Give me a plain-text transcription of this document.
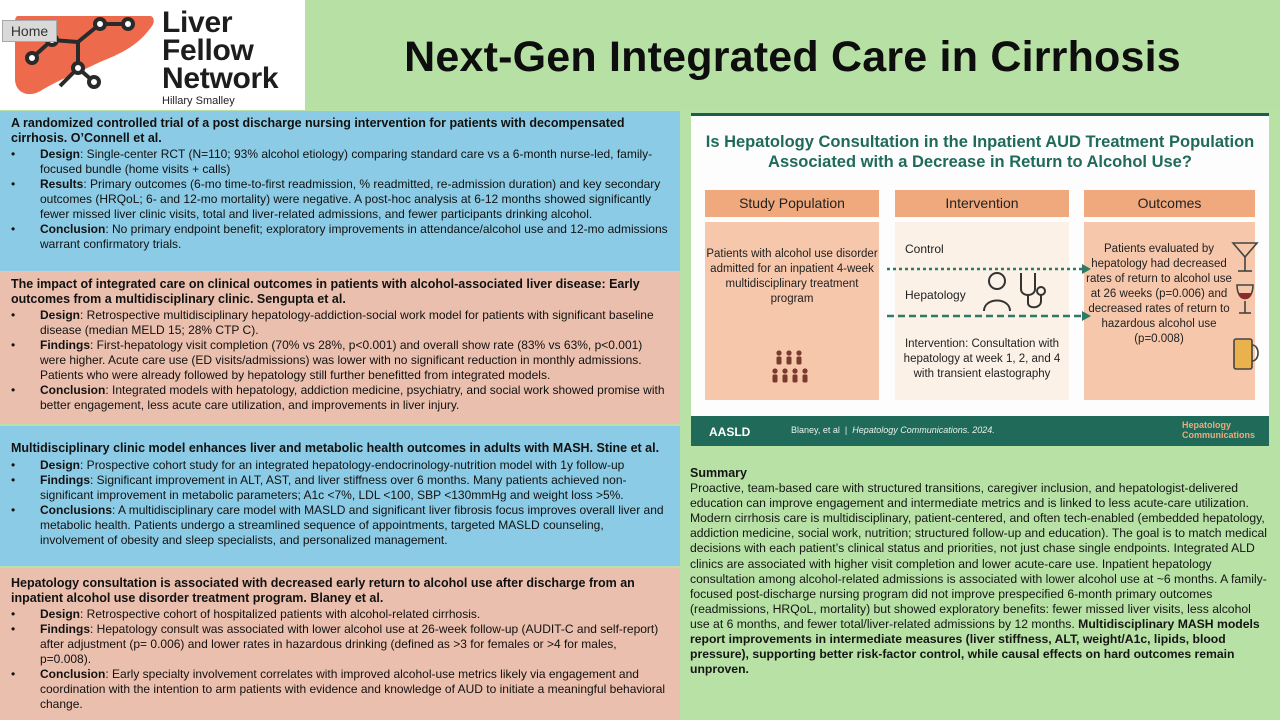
Liver
Fellow
Network
Hillary Smalley
Home
Next-Gen Integrated Care in Cirrhosis
A randomized controlled trial of a post discharge nursing intervention for patients with decompensated cirrhosis. O’Connell et al.
• Design: Single-center RCT (N=110; 93% alcohol etiology) comparing standard care vs a 6-month nurse-led, family-focused bundle (home visits + calls)
• Results: Primary outcomes (6-mo time-to-first readmission, % readmitted, re-admission duration) and key secondary outcomes (HRQoL; 6- and 12-mo mortality) were negative. A post-hoc analysis at 6-12 months showed significantly fewer missed liver clinic visits, total and liver-related admissions, and fewer participants drinking alcohol.
• Conclusion: No primary endpoint benefit; exploratory improvements in attendance/alcohol use and 12-mo admissions warrant confirmatory trials.
The impact of integrated care on clinical outcomes in patients with alcohol-associated liver disease: Early outcomes from a multidisciplinary clinic. Sengupta et al.
• Design: Retrospective multidisciplinary hepatology-addiction-social work model for patients with significant baseline disease (median MELD 15; 28% CTP C).
• Findings: First-hepatology visit completion (70% vs 28%, p<0.001) and overall show rate (83% vs 63%, p<0.001) were higher. Acute care use (ED visits/admissions) was lower with no significant reduction in monthly admissions. Patients who were already followed by hepatology still further benefitted from integrated models.
• Conclusion: Integrated models with hepatology, addiction medicine, psychiatry, and social work showed promise with better engagement, less acute care utilization, and improvements in liver injury.
Multidisciplinary clinic model enhances liver and metabolic health outcomes in adults with MASH. Stine et al.
• Design: Prospective cohort study for an integrated hepatology-endocrinology-nutrition model with 1y follow-up
• Findings: Significant improvement in ALT, AST, and liver stiffness over 6 months. Many patients achieved non-significant improvement in metabolic parameters; A1c <7%, LDL <100, SBP <130mmHg and weight loss >5%.
• Conclusions: A multidisciplinary care model with MASLD and significant liver fibrosis focus improves overall liver and metabolic health. Patients undergo a streamlined sequence of appointments, targeted MASLD counseling, involvement of obesity and sleep specialists, and personalized management.
Hepatology consultation is associated with decreased early return to alcohol use after discharge from an inpatient alcohol use disorder treatment program. Blaney et al.
• Design: Retrospective cohort of hospitalized patients with alcohol-related cirrhosis.
• Findings: Hepatology consult was associated with lower alcohol use at 26-week follow-up (AUDIT-C and self-report) after adjustment (p= 0.006) and lower rates in hazardous drinking (defined as >3 for females or >4 for males, p=0.008).
• Conclusion: Early specialty involvement correlates with improved alcohol-use metrics likely via engagement and coordination with the intention to arm patients with evidence and knowledge of AUD to initiate a meaningful behavioral change.
Is Hepatology Consultation in the Inpatient AUD Treatment Population Associated with a Decrease in Return to Alcohol Use?
Study Population	Intervention	Outcomes
Patients with alcohol use disorder admitted for an inpatient 4-week multidisciplinary treatment program
Control
Hepatology
Intervention: Consultation with hepatology at week 1, 2, and 4 with transient elastography
Patients evaluated by hepatology had decreased rates of return to alcohol use at 26 weeks (p=0.006) and decreased rates of return to hazardous alcohol use (p=0.008)
AASLD	Blaney, et al  |  Hepatology Communications. 2024.	Hepatology
Communications
Summary

Proactive, team-based care with structured transitions, caregiver inclusion, and hepatologist-delivered education can improve engagement and intermediate metrics and is linked to less acute-care utilization. Modern cirrhosis care is multidisciplinary, patient-centered, and often tech-enabled (embedded hepatology, addiction medicine, social work, nutrition; structured follow-up and education). The goal is to match medical decisions with each patient’s clinical status and priorities, not just chase single endpoints. Integrated ALD clinics are associated with higher visit completion and lower acute-care use. Inpatient hepatology consultation among alcohol-related admissions is associated with lower alcohol use at ~6 months. A family-focused post-discharge nursing program did not improve prespecified 6-month primary outcomes (readmissions, HRQoL, mortality) but showed exploratory benefits: fewer missed liver visits, less alcohol use at 6 months, and fewer total/liver-related admissions by 12 months. Multidisciplinary MASH models report improvements in intermediate measures (liver stiffness, ALT, weight/A1c, lipids, blood pressure), supporting better risk-factor control, while causal effects on hard outcomes remain unproven.
